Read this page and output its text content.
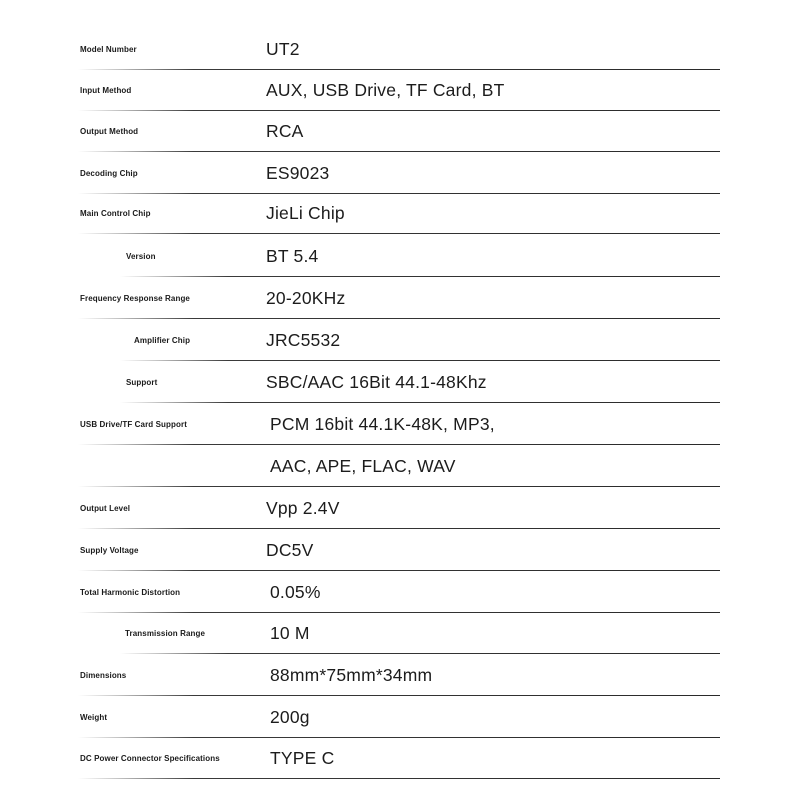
Model Number	UT2
Input Method	AUX, USB Drive, TF Card, BT
Output Method	RCA
Decoding Chip	ES9023
Main Control Chip	JieLi Chip
Version	BT 5.4
Frequency Response Range	20-20KHz
Amplifier Chip	JRC5532
Support	SBC/AAC 16Bit 44.1-48Khz
USB Drive/TF Card Support	PCM 16bit 44.1K-48K, MP3,
AAC, APE, FLAC, WAV
Output Level	Vpp 2.4V
Supply Voltage	DC5V
Total Harmonic Distortion	0.05%
Transmission Range	10 M
Dimensions	88mm*75mm*34mm
Weight	200g
DC Power Connector Specifications	TYPE C
